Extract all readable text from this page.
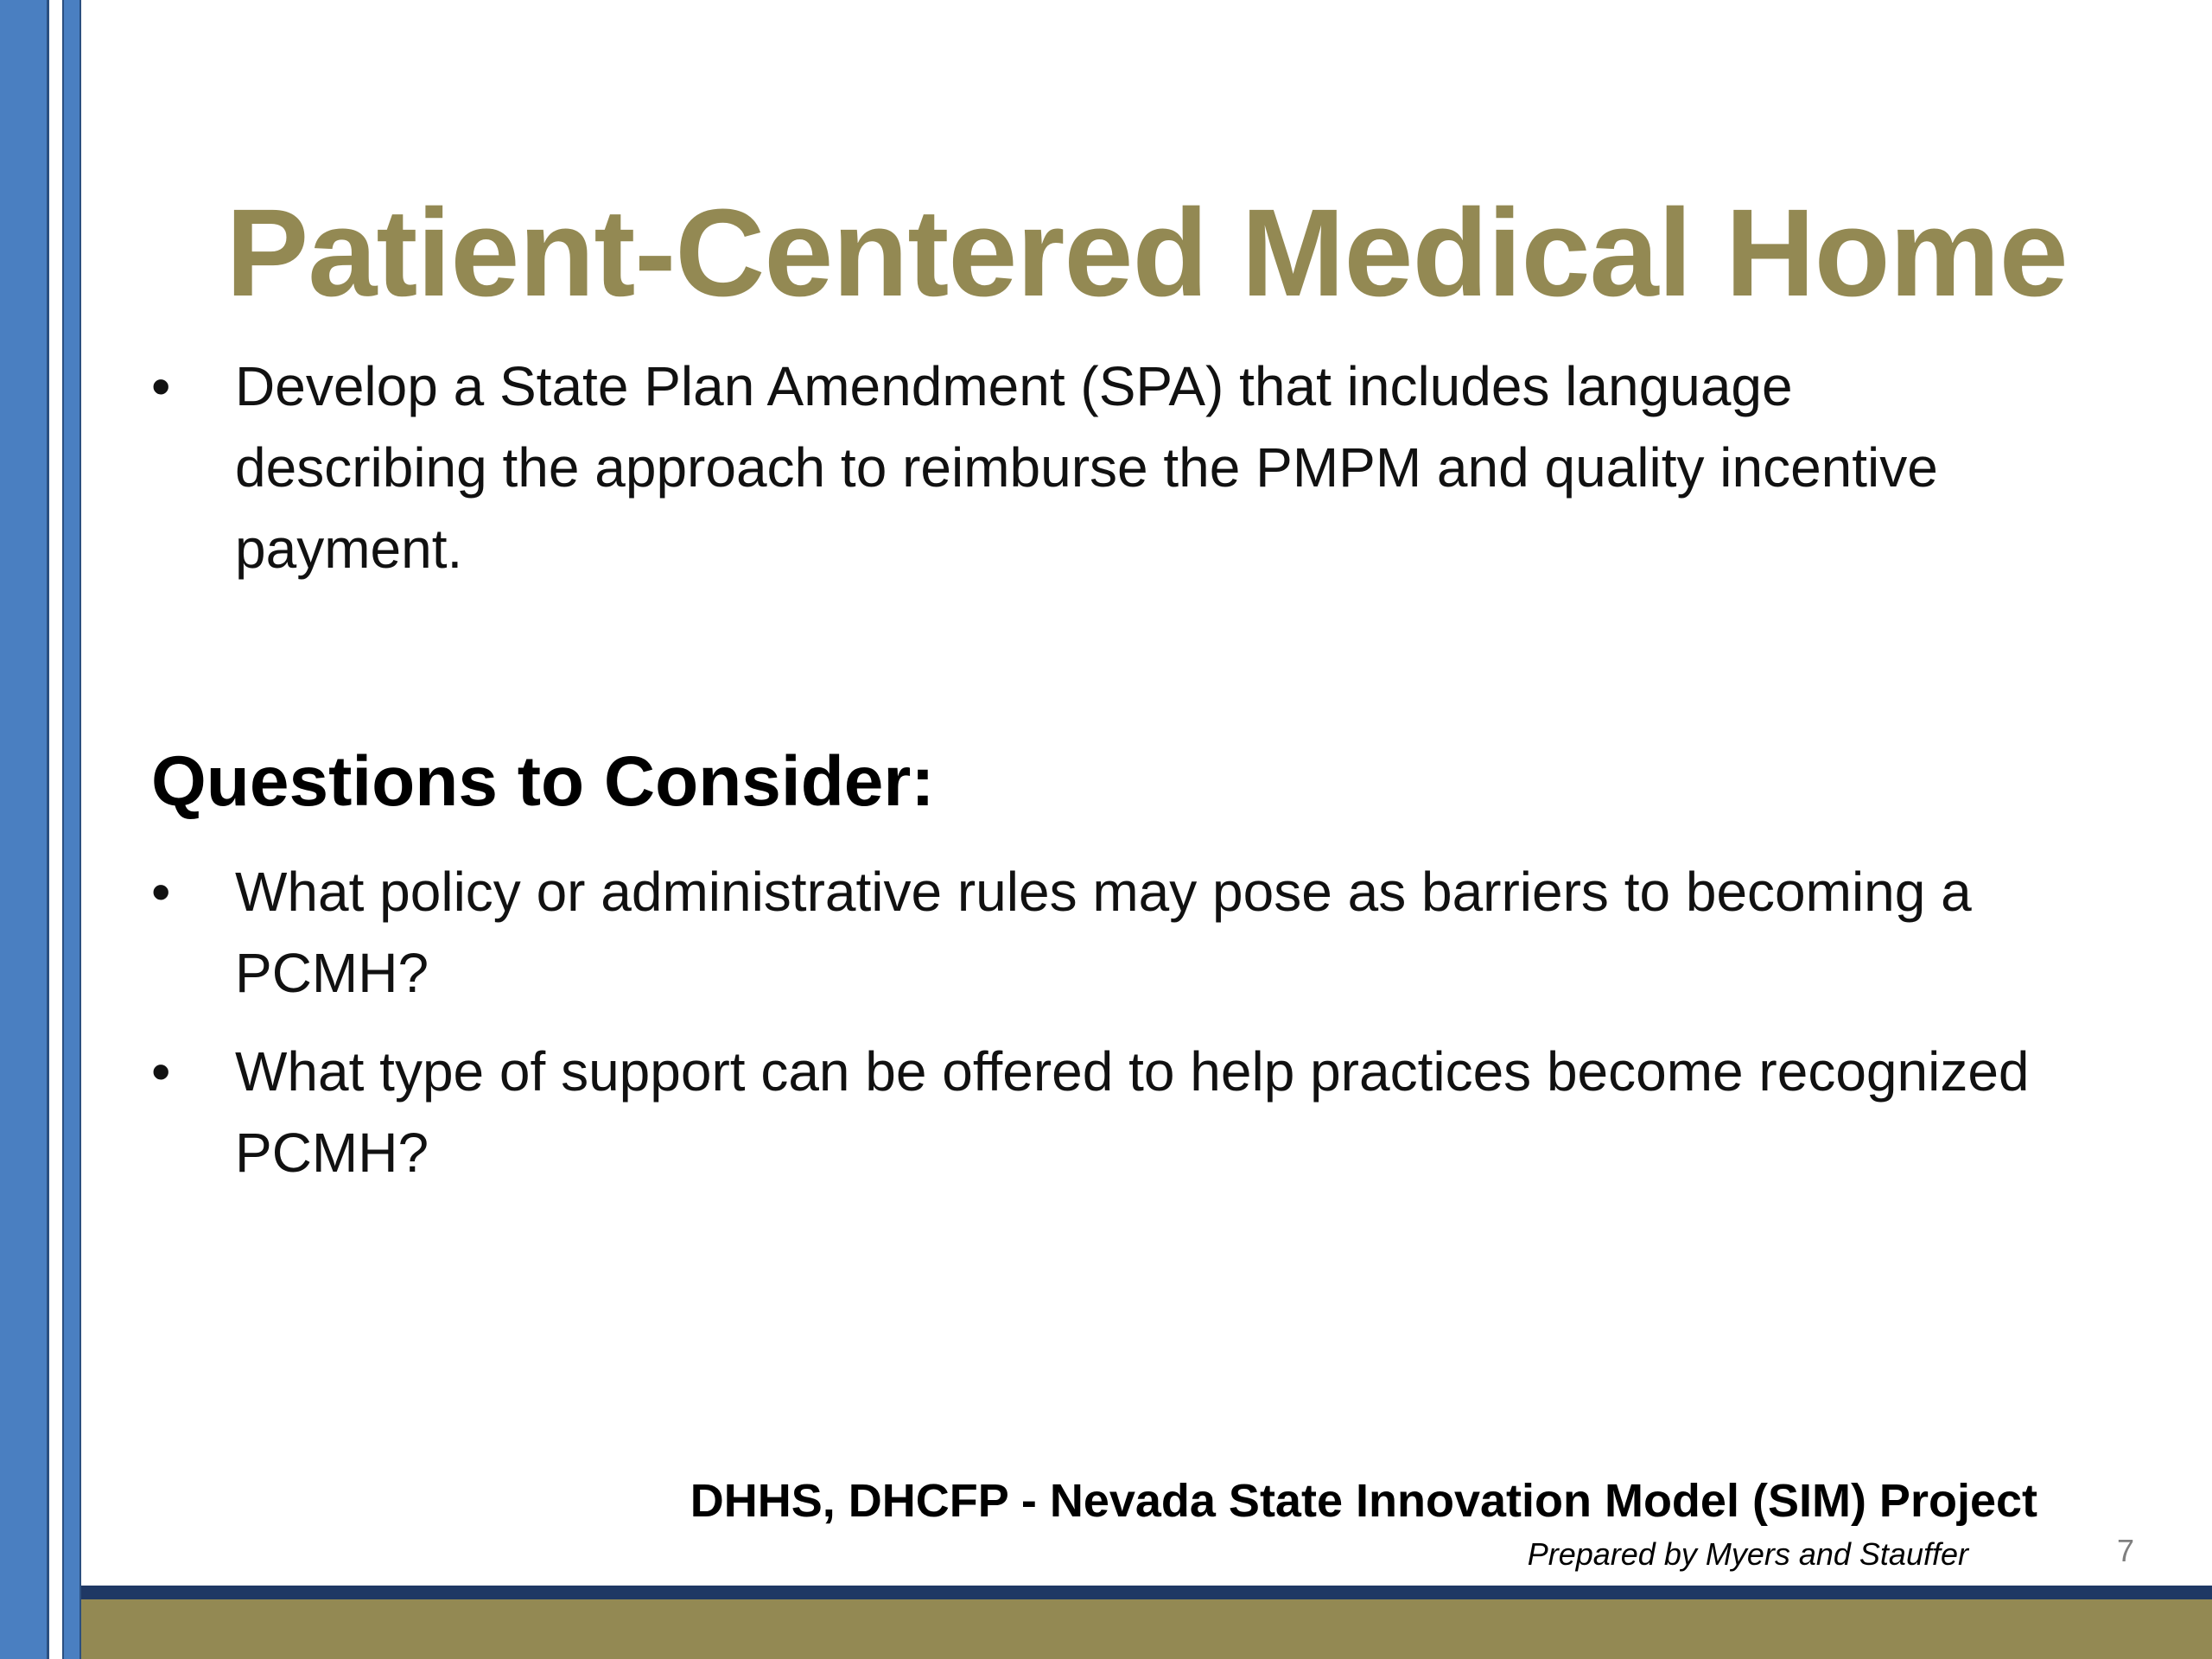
Patient-Centered Medical Home
• Develop a State Plan Amendment (SPA) that includes language describing the approach to reimburse the PMPM and quality incentive payment.
Questions to Consider:
• What policy or administrative rules may pose as barriers to becoming a PCMH?
• What type of support can be offered to help practices become recognized PCMH?
DHHS, DHCFP - Nevada State Innovation Model (SIM) Project
Prepared by Myers and Stauffer	7
